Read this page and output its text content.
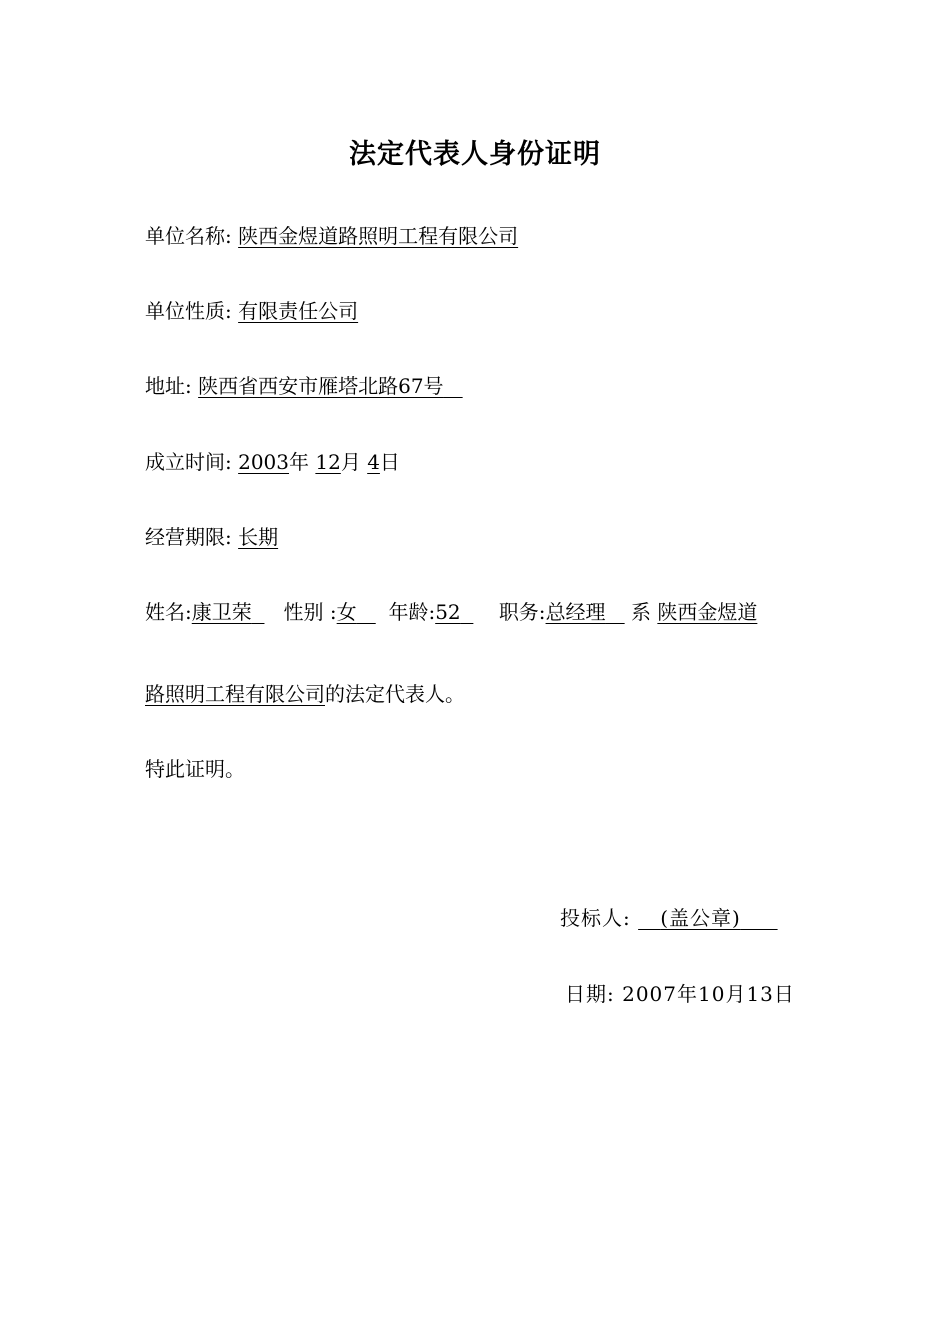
法定代表人身份证明
单位名称: 陕西金煜道路照明工程有限公司
单位性质: 有限责任公司
地址: 陕西省西安市雁塔北路67号
成立时间: 2003年 12月 4日
经营期限: 长期
姓名:康卫荣 性别 :女 年龄:52 职务:总经理 系 陕西金煜道
路照明工程有限公司的法定代表人。
特此证明。
投标人: (盖公章)
日期: 2007年10月13日
